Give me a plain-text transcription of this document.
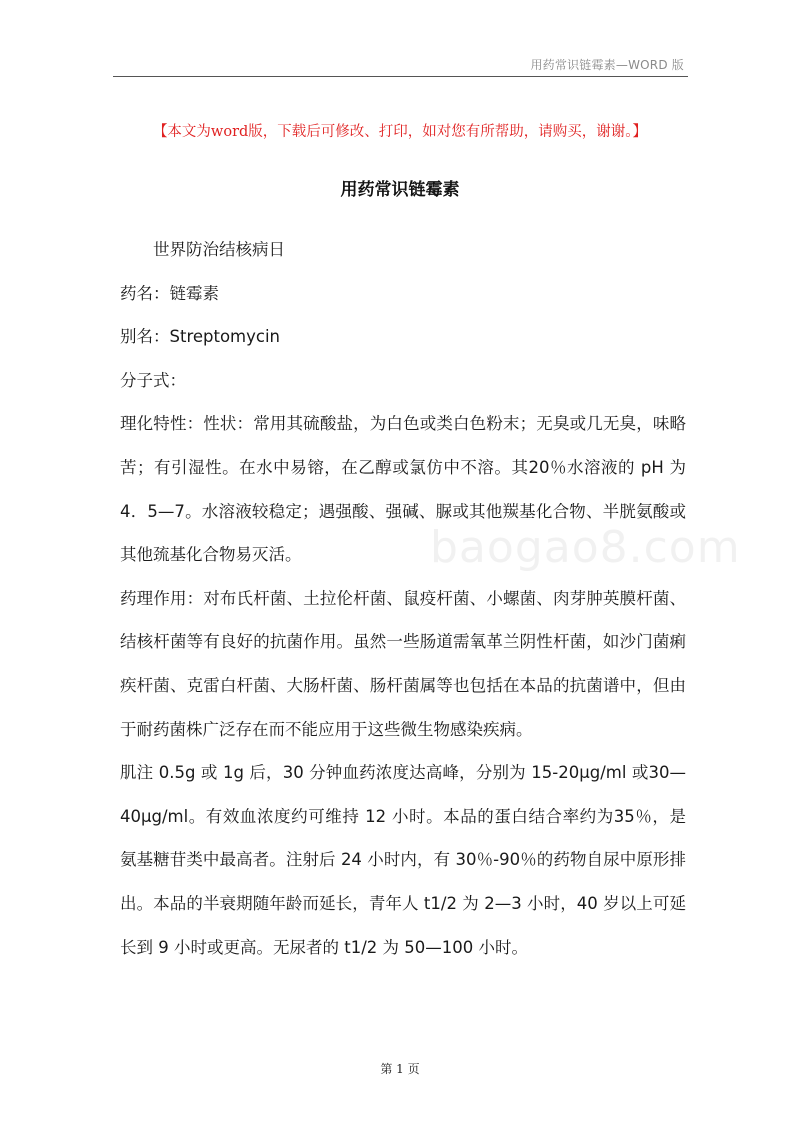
用药常识链霉素—WORD 版
【本文为word版，下载后可修改、打印，如对您有所帮助，请购买，谢谢。】
用药常识链霉素

世界防治结核病日

药名：链霉素

别名：Streptomycin

分子式：

理化特性：性状：常用其硫酸盐，为白色或类白色粉末；无臭或几无臭，味略苦；有引湿性。在水中易镕，在乙醇或氯仿中不溶。其20％水溶液的 pH 为 4．5—7。水溶液较稳定；遇强酸、强碱、脲或其他羰基化合物、半胱氨酸或其他巯基化合物易灭活。

药理作用：对布氏杆菌、土拉伦杆菌、鼠疫杆菌、小螺菌、肉芽肿英膜杆菌、结核杆菌等有良好的抗菌作用。虽然一些肠道需氧革兰阴性杆菌，如沙门菌痢疾杆菌、克雷白杆菌、大肠杆菌、肠杆菌属等也包括在本品的抗菌谱中，但由于耐药菌株广泛存在而不能应用于这些微生物感染疾病。

肌注 0.5g 或 1g 后，30 分钟血药浓度达高峰，分别为 15-20μg/ml 或30—40μg/ml。有效血浓度约可维持 12 小时。本品的蛋白结合率约为35％，是氨基糖苷类中最高者。注射后 24 小时内，有 30％-90％的药物自尿中原形排出。本品的半衰期随年龄而延长，青年人 t1/2 为 2—3 小时，40 岁以上可延长到 9 小时或更高。无尿者的 t1/2 为 50—100 小时。

baogao8.com
第 1 页
